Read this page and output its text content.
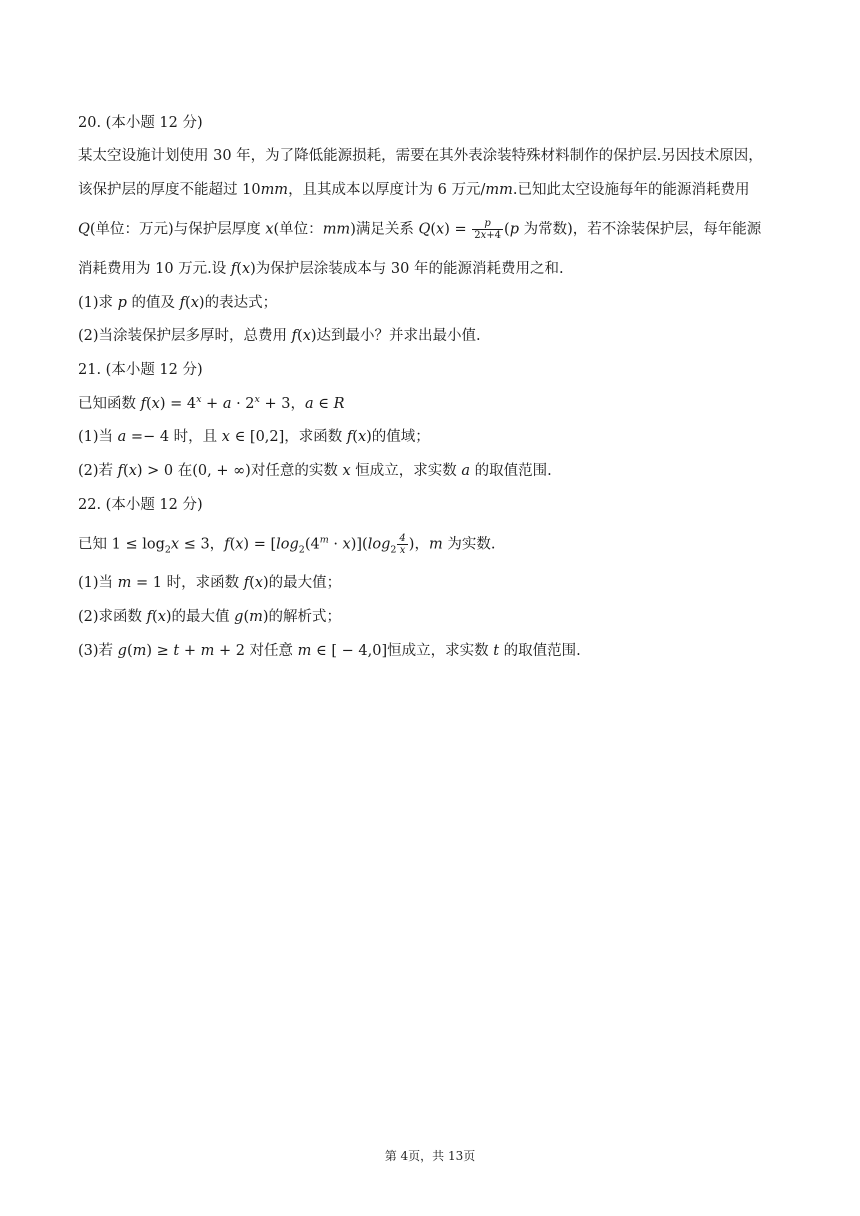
20. (本小题 12 分)
某太空设施计划使用 30 年，为了降低能源损耗，需要在其外表涂装特殊材料制作的保护层.另因技术原因，
该保护层的厚度不能超过 10mm，且其成本以厚度计为 6 万元/mm.已知此太空设施每年的能源消耗费用
Q(单位：万元)与保护层厚度 x(单位：mm)满足关系 $Q(x) = \frac{p}{2x+4} (p$ 为常数)，若不涂装保护层，每年能源
消耗费用为 10 万元.设 f(x)为保护层涂装成本与 30 年的能源消耗费用之和.
(1)求 p 的值及 f(x)的表达式；
(2)当涂装保护层多厚时，总费用 f(x)达到最小？并求出最小值.
21. (本小题 12 分)
已知函数 $f(x) = 4^x + a \cdot 2^x + 3$，a ∈ R
(1)当 a =− 4 时，且 x ∈ [0,2]，求函数 f(x)的值域；
(2)若 f(x) > 0 在(0, + ∞)对任意的实数 x 恒成立，求实数 a 的取值范围.
22. (本小题 12 分)
已知 $1 \le \log_2x \le 3$，$f(x) = [\log_2(4^m \cdot x)](\log_2 \frac{4}{x}$ )，m 为实数.
(1)当 m = 1 时，求函数 f(x)的最大值；
(2)求函数 f(x)的最大值 g(m)的解析式；
(3)若 g(m) ≥ t + m + 2 对任意 m ∈ [ − 4,0]恒成立，求实数 t 的取值范围.
第 4页，共 13页
